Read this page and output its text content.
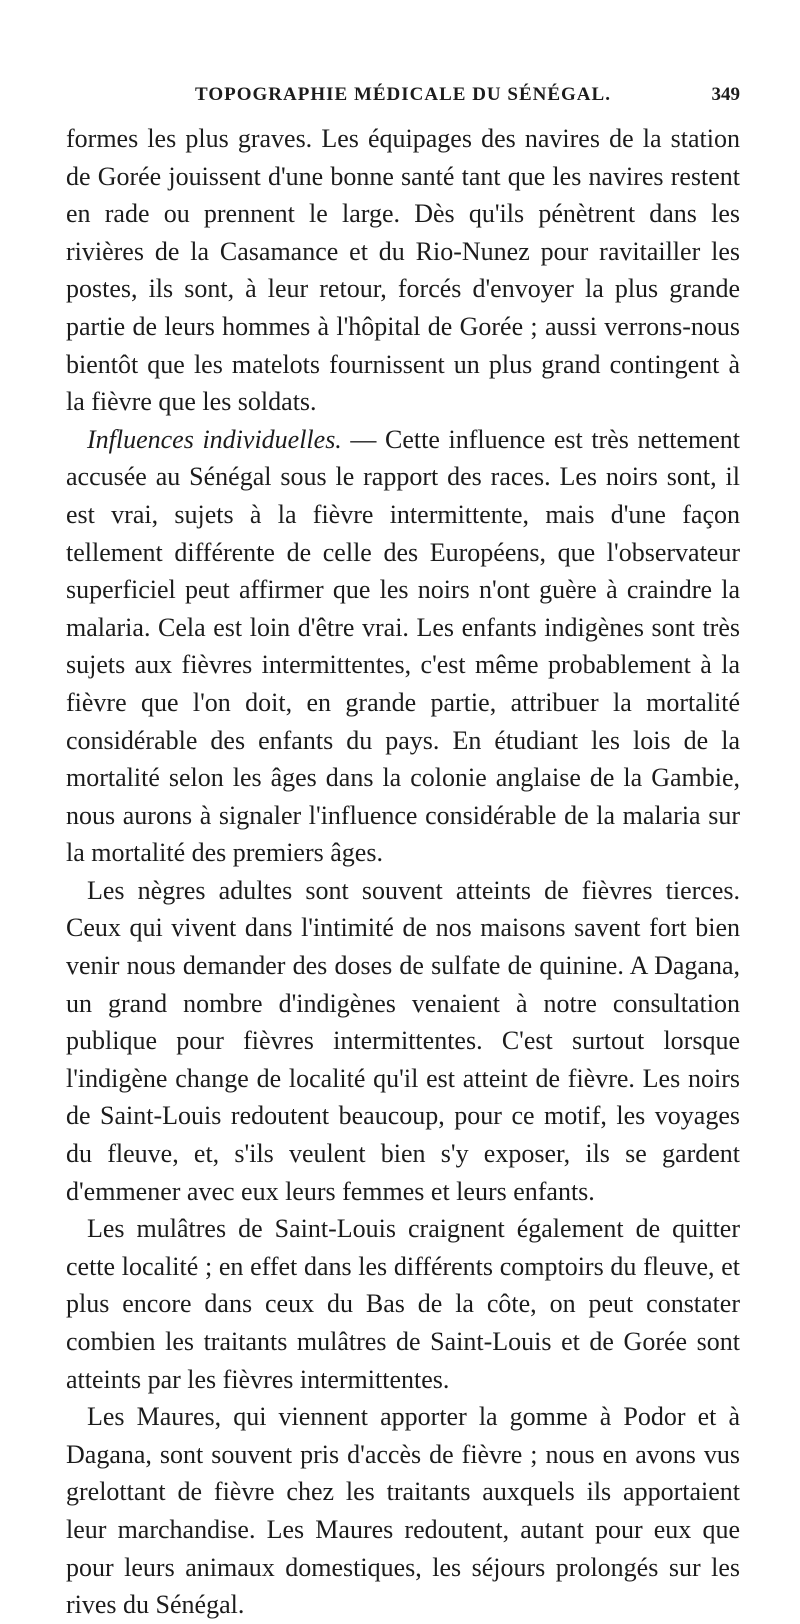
TOPOGRAPHIE MÉDICALE DU SÉNÉGAL.	349

formes les plus graves. Les équipages des navires de la station de Gorée jouissent d'une bonne santé tant que les navires restent en rade ou prennent le large. Dès qu'ils pénètrent dans les rivières de la Casamance et du Rio-Nunez pour ravitailler les postes, ils sont, à leur retour, forcés d'envoyer la plus grande partie de leurs hommes à l'hôpital de Gorée ; aussi verrons-nous bientôt que les matelots fournissent un plus grand contingent à la fièvre que les soldats.

Influences individuelles. — Cette influence est très nettement accusée au Sénégal sous le rapport des races. Les noirs sont, il est vrai, sujets à la fièvre intermittente, mais d'une façon tellement différente de celle des Européens, que l'observateur superficiel peut affirmer que les noirs n'ont guère à craindre la malaria. Cela est loin d'être vrai. Les enfants indigènes sont très sujets aux fièvres intermittentes, c'est même probablement à la fièvre que l'on doit, en grande partie, attribuer la mortalité considérable des enfants du pays. En étudiant les lois de la mortalité selon les âges dans la colonie anglaise de la Gambie, nous aurons à signaler l'influence considérable de la malaria sur la mortalité des premiers âges.

Les nègres adultes sont souvent atteints de fièvres tierces. Ceux qui vivent dans l'intimité de nos maisons savent fort bien venir nous demander des doses de sulfate de quinine. A Dagana, un grand nombre d'indigènes venaient à notre consultation publique pour fièvres intermittentes. C'est surtout lorsque l'indigène change de localité qu'il est atteint de fièvre. Les noirs de Saint-Louis redoutent beaucoup, pour ce motif, les voyages du fleuve, et, s'ils veulent bien s'y exposer, ils se gardent d'emmener avec eux leurs femmes et leurs enfants.

Les mulâtres de Saint-Louis craignent également de quitter cette localité ; en effet dans les différents comptoirs du fleuve, et plus encore dans ceux du Bas de la côte, on peut constater combien les traitants mulâtres de Saint-Louis et de Gorée sont atteints par les fièvres intermittentes.

Les Maures, qui viennent apporter la gomme à Podor et à Dagana, sont souvent pris d'accès de fièvre ; nous en avons vus grelottant de fièvre chez les traitants auxquels ils apportaient leur marchandise. Les Maures redoutent, autant pour eux que pour leurs animaux domestiques, les séjours prolongés sur les rives du Sénégal.
